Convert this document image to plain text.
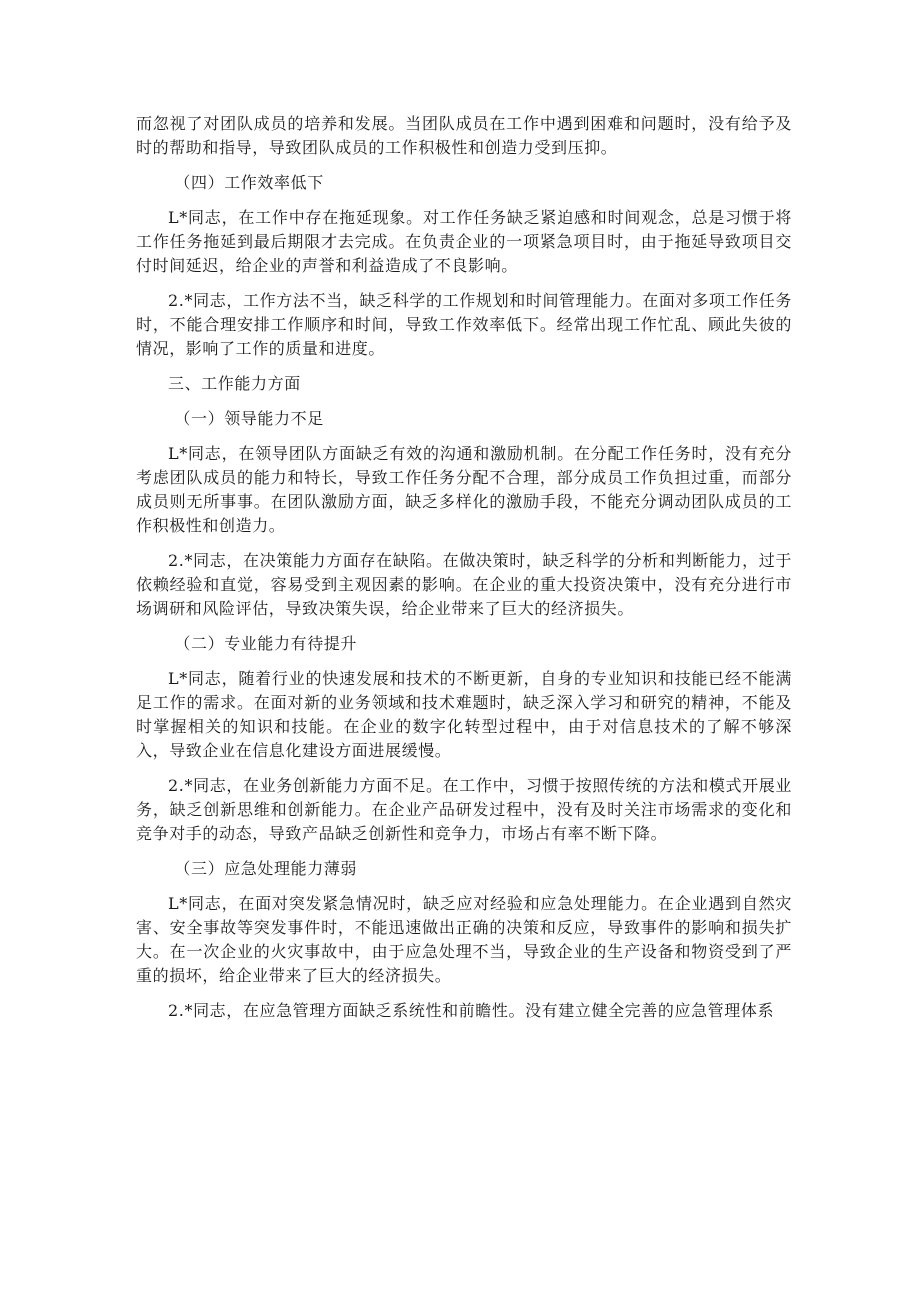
而忽视了对团队成员的培养和发展。当团队成员在工作中遇到困难和问题时，没有给予及时的帮助和指导，导致团队成员的工作积极性和创造力受到压抑。

（四）工作效率低下

L*同志，在工作中存在拖延现象。对工作任务缺乏紧迫感和时间观念，总是习惯于将工作任务拖延到最后期限才去完成。在负责企业的一项紧急项目时，由于拖延导致项目交付时间延迟，给企业的声誉和利益造成了不良影响。

2.*同志，工作方法不当，缺乏科学的工作规划和时间管理能力。在面对多项工作任务时，不能合理安排工作顺序和时间，导致工作效率低下。经常出现工作忙乱、顾此失彼的情况，影响了工作的质量和进度。

三、工作能力方面

（一）领导能力不足

L*同志，在领导团队方面缺乏有效的沟通和激励机制。在分配工作任务时，没有充分考虑团队成员的能力和特长，导致工作任务分配不合理，部分成员工作负担过重，而部分成员则无所事事。在团队激励方面，缺乏多样化的激励手段，不能充分调动团队成员的工作积极性和创造力。

2.*同志，在决策能力方面存在缺陷。在做决策时，缺乏科学的分析和判断能力，过于依赖经验和直觉，容易受到主观因素的影响。在企业的重大投资决策中，没有充分进行市场调研和风险评估，导致决策失误，给企业带来了巨大的经济损失。

（二）专业能力有待提升

L*同志，随着行业的快速发展和技术的不断更新，自身的专业知识和技能已经不能满足工作的需求。在面对新的业务领域和技术难题时，缺乏深入学习和研究的精神，不能及时掌握相关的知识和技能。在企业的数字化转型过程中，由于对信息技术的了解不够深入，导致企业在信息化建设方面进展缓慢。

2.*同志，在业务创新能力方面不足。在工作中，习惯于按照传统的方法和模式开展业务，缺乏创新思维和创新能力。在企业产品研发过程中，没有及时关注市场需求的变化和竞争对手的动态，导致产品缺乏创新性和竞争力，市场占有率不断下降。

（三）应急处理能力薄弱

L*同志，在面对突发紧急情况时，缺乏应对经验和应急处理能力。在企业遇到自然灾害、安全事故等突发事件时，不能迅速做出正确的决策和反应，导致事件的影响和损失扩大。在一次企业的火灾事故中，由于应急处理不当，导致企业的生产设备和物资受到了严重的损坏，给企业带来了巨大的经济损失。

2.*同志，在应急管理方面缺乏系统性和前瞻性。没有建立健全完善的应急管理体系
